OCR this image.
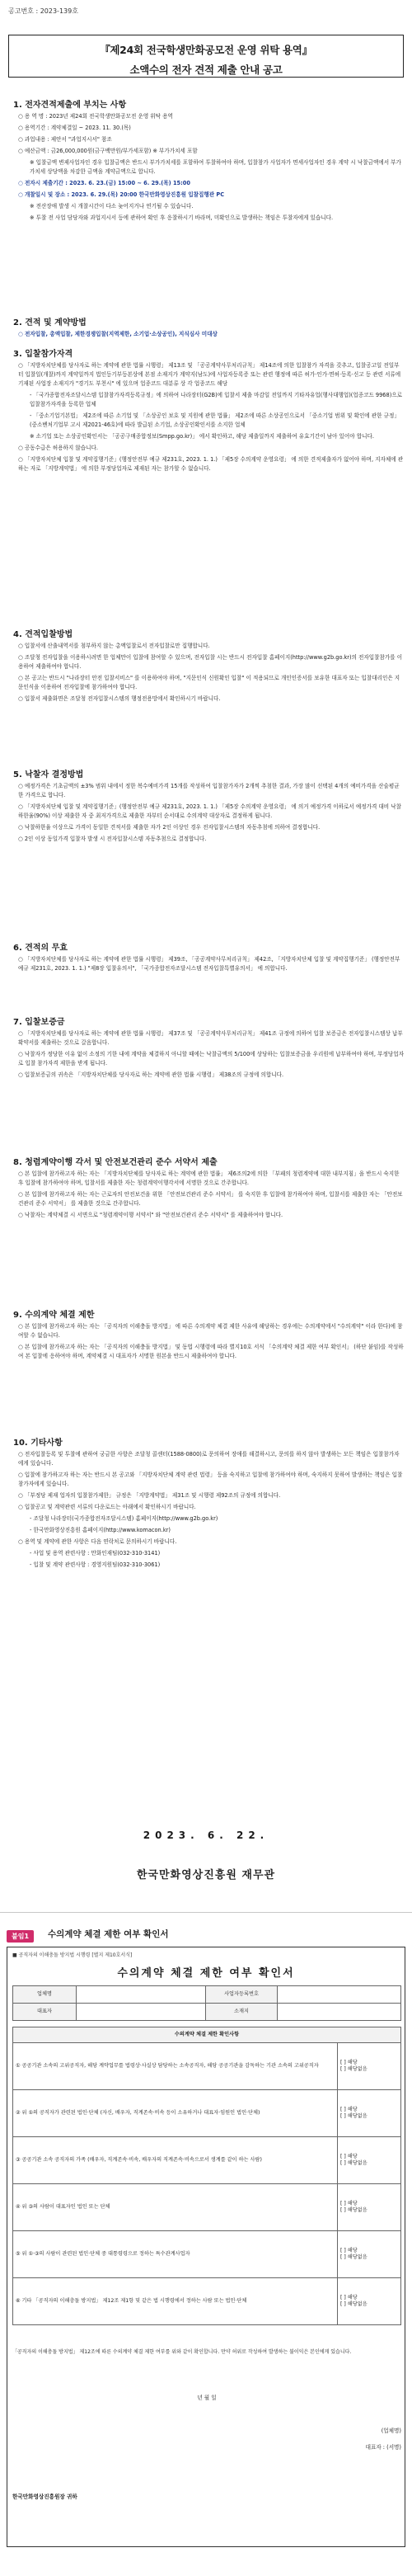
공고번호 : 2023-139호
『제24회 전국학생만화공모전 운영 위탁 용역』
소액수의 전자 견적 제출 안내 공고
1. 전자견적제출에 부치는 사항
○ 용 역 명 : 2023년 제24회 전국학생만화공모전 운영 위탁 용역
○ 용역기간 : 계약체결일 ~ 2023. 11. 30.(목)
○ 과업내용 : 제안서 "과업지시서" 참조
○ 예산금액 : 금26,000,000원(금구백만원/부가세포함) ※ 부가가치세 포함
※ 입찰금액 변제사업자인 경우 입찰금액은 반드시 부가가치세를 포함하여 투찰하여야 하며, 입찰참가 사업자가 면세사업자인 경우 계약 시 낙찰금액에서 부가가치세 상당액을 차감한 금액을 계약금액으로 합니다.
○ 전자시 제출기간 : 2023. 6. 23.(금) 15:00 ~ 6. 29.(목) 15:00
○ 개찰일시 및 장소 : 2023. 6. 29.(목) 20:00 한국만화영상진흥원 입찰집행관 PC
※ 전산장애 발생 시 개찰시간이 다소 늦어지거나 연기될 수 있습니다.
※ 투찰 전 사업 담당자와 과업지시서 등에 관하여 확인 후 응찰하시기 바라며, 미확인으로 발생하는 책임은 투찰자에게 있습니다.
2. 견적 및 계약방법
○ 전자입찰, 총액입찰, 제한경쟁입찰(지역제한, 소기업·소상공인), 지식심사 미대상
3. 입찰참가자격
○ 「지방자치단체를 당사자로 하는 계약에 관한 법률 시행령」 제13조 및 「공공계약사무처리규칙」 제14조에 의한 입찰참가 자격을 갖추고, 입찰공고일 전일부터 입찰일(개찰)까지 계약일까지 법인등기부등본상에 본점 소재지가 계약지(남도)에 사업자등록증 또는 관련 행정에 따른 허가·인가·면허·등록·신고 등 관련 서류에 기재된 사업장 소재지가 "경기도 부천시" 에 있으며 업종코드 대분류 상 각 업종코드 해당
- 「국가종합전자조달시스템 입찰참가자격등록규정」에 의하여 나라장터(G2B)에 입찰서 제출 마감일 전일까지 기타자유업(행사대행업)(업종코드 9968)으로 입찰참가자격을 등록한 업체
- 「중소기업기본법」 제2조에 따른 소기업 및 「소상공인 보호 및 지원에 관한 법률」 제2조에 따른 소상공인으로서 「중소기업 범위 및 확인에 관한 규정」(중소벤처기업부 고시 제2021-46호)에 따라 발급된 소기업, 소상공인확인서를 소지한 업체
※ 소기업 또는 소상공인확인서는 「공공구매종합정보(Smpp.go.kr)」 에서 확인하고, 해당 제출일까지 제출하여 유효기간이 남아 있어야 합니다.
○ 공동수급은 허용하지 않습니다.
○ 「지방자치단체 입찰 및 계약집행기준」(행정안전부 예규 제231호, 2023. 1. 1.) 「제5장 수의계약 운영요령」 에 의한 견적제출자가 없어야 하며, 지자체에 관하는 자로 「지방계약법」 에 의한 부정당업자로 제재된 자는 참가할 수 없습니다.
4. 견적입찰방법
○ 입찰서에 산출내역서를 첨부하지 않는 총액입찰로서 전자입찰로만 집행합니다.
○ 조달청 전자입찰을 이용하시려면 한 업체만이 입찰에 참여할 수 있으며, 전자입찰 시는 반드시 전자입찰 홈페이지(http://www.g2b.go.kr)의 전자입찰참가를 이용하여 제출하여야 합니다.
○ 본 공고는 반드시 "나라장터 안전 입찰서비스" 를 이용하여야 하며, "지문인식 신원확인 입찰" 이 적용되므로 개인인증서를 보유한 대표자 또는 입찰대리인은 지문인식을 이용하여 전자입찰에 참가하여야 합니다.
○ 입찰서 제출화면은 조달청 전자입찰시스템의 행정전용망에서 확인하시기 바랍니다.
5. 낙찰자 결정방법
○ 예정가격은 기초금액의 ±3% 범위 내에서 정한 복수예비가격 15개를 작성하여 입찰참가자가 2개씩 추첨한 결과, 가장 많이 선택된 4개의 예비가격을 산술평균한 가격으로 합니다.
○ 「지방자치단체 입찰 및 계약집행기준」(행정안전부 예규 제231호, 2023. 1. 1.) 「제5장 수의계약 운영요령」 에 의거 예정가격 이하로서 예정가격 대비 낙찰하한율(90%) 이상 제출한 자 중 최저가격으로 제출한 자부터 순서대로 수의계약 대상자로 결정하게 됩니다.
○ 낙찰하한율 이상으로 가격이 동일한 견적서를 제출한 자가 2인 이상인 경우 전자입찰시스템의 자동추첨에 의하여 결정합니다.
○ 2인 이상 동일가격 입찰자 발생 시 전자입찰시스템 자동추첨으로 결정합니다.
6. 견적의 무효
○ 「지방자치단체를 당사자로 하는 계약에 관한 법률 시행령」 제39조, 「공공계약사무처리규칙」 제42조, 「지방자치단체 입찰 및 계약집행기준」 (행정안전부 예규 제231호, 2023. 1. 1.) "제8장 입찰유의서", 「국가종합전자조달시스템 전자입찰특별유의서」 에 의합니다.
7. 입찰보증금
○ 「지방자치단체를 당사자로 하는 계약에 관한 법률 시행령」 제37조 및 「공공계약사무처리규칙」 제41조 규정에 의하여 입찰 보증금은 전자입찰시스템상 납부확약서를 제출하는 것으로 갈음합니다.
○ 낙찰자가 정당한 이유 없이 소정의 기한 내에 계약을 체결하지 아니할 때에는 낙찰금액의 5/100에 상당하는 입찰보증금을 우리원에 납부하여야 하며, 부정당업자로 입찰 참가자격 제한을 받게 됩니다.
○ 입찰보증금의 귀속은 「지방자치단체를 당사자로 하는 계약에 관한 법률 시행령」 제38조의 규정에 의합니다.
8. 청렴계약이행 각서 및 안전보건관리 준수 서약서 제출
○ 본 입찰에 참가하고자 하는 자는 「지방자치단체를 당사자로 하는 계약에 관한 법률」 제6조의2에 의한 「부패의 청렴계약에 대한 내부지침」을 반드시 숙지한 후 입찰에 참가하여야 하며, 입찰서를 제출한 자는 청렴계약이행각서에 서명한 것으로 간주합니다.
○ 본 입찰에 참가하고자 하는 자는 근로자의 안전보건을 위한 「안전보건관리 준수 서약서」 를 숙지한 후 입찰에 참가하여야 하며, 입찰서를 제출한 자는 「안전보건관리 준수 서약서」 를 제출한 것으로 간주합니다.
○ 낙찰자는 계약체결 시 서면으로 "청렴계약이행 서약서" 와 "안전보건관리 준수 서약서" 를 제출하여야 합니다.
9. 수의계약 체결 제한
○ 본 입찰에 참가하고자 하는 자는 「공직자의 이해충돌 방지법」 에 따른 수의계약 체결 제한 사유에 해당하는 경우에는 수의계약에서 "수의계약" 이라 한다)에 참여할 수 없습니다.
○ 본 입찰에 참가하고자 하는 자는 「공직자의 이해충돌 방지법」 및 동법 시행령에 따라 별지10호 서식 「수의계약 체결 제한 여부 확인서」 (하단 붙임)를 작성하여 본 입찰에 응하여야 하며, 계약체결 시 대표자가 서명한 원본을 반드시 제출하여야 합니다.
10. 기타사항
○ 전자입찰등록 및 투찰에 관하여 궁금한 사항은 조달청 콜센터(1588-0800)로 문의하여 장애를 해결하시고, 문의를 하지 않아 발생하는 모든 책임은 입찰참가자에게 있습니다.
○ 입찰에 참가하고자 하는 자는 반드시 본 공고와 「지방자치단체 계약 관련 법령」 등을 숙지하고 입찰에 참가하여야 하며, 숙지하지 못하여 발생하는 책임은 입찰참가자에게 있습니다.
○ 「부정당 제재 업자의 입찰참가제한」 규정은 「지방계약법」 제31조 및 시행령 제92조의 규정에 의합니다.
○ 입찰공고 및 계약관련 서류의 다운로드는 아래에서 확인하시기 바랍니다.
- 조달청 나라장터(국가종합전자조달시스템) 홈페이지(http://www.g2b.go.kr)
- 한국만화영상진흥원 홈페이지(http://www.komacon.kr)
○ 용역 및 계약에 관한 사항은 다음 연락처로 문의하시기 바랍니다.
- 사업 및 용역 관련사항 : 만화인재팀(032-310-3141)
- 입찰 및 계약 관련사항 : 경영지원팀(032-310-3061)
2023. 6. 22.
한국만화영상진흥원 재무관
붙임1	수의계약 체결 제한 여부 확인서
■ 공직자의 이해충돌 방지법 시행령 [별지 제10호서식]
수의계약 체결 제한 여부 확인서
업체명		사업자등록번호	
대표자		소재지	
수의계약 체결 제한 확인사항	
① 공공기관 소속의 고위공직자, 해당 계약업무를 법령상·사실상 담당하는 소속공직자, 해당 공공기관을 감독하는 기관 소속의 고위공직자	[ ] 해당
[ ] 해당없음

② 위 ①의 공직자가 관련된 법인·단체 (자신, 배우자, 직계존속·비속 등이 소유하거나 대표자·임원인 법인·단체)	[ ] 해당
[ ] 해당없음

③ 공공기관 소속 공직자의 가족 (배우자, 직계존속·비속, 배우자의 직계존속·비속으로서 생계를 같이 하는 사람)	[ ] 해당
[ ] 해당없음

④ 위 ③의 사람이 대표자인 법인 또는 단체	[ ] 해당
[ ] 해당없음

⑤ 위 ①·③의 사람이 관련된 법인·단체 중 대통령령으로 정하는 특수관계사업자	[ ] 해당
[ ] 해당없음

⑥ 기타 「공직자의 이해충돌 방지법」 제12조 제1항 및 같은 법 시행령에서 정하는 사람 또는 법인·단체	[ ] 해당
[ ] 해당없음
「공직자의 이해충돌 방지법」 제12조에 따른 수의계약 체결 제한 여부를 위와 같이 확인합니다. 만약 허위로 작성하여 발생하는 불이익은 본인에게 있습니다.
년 월 일
(업체명)
대표자 : (서명)
한국만화영상진흥원장 귀하
